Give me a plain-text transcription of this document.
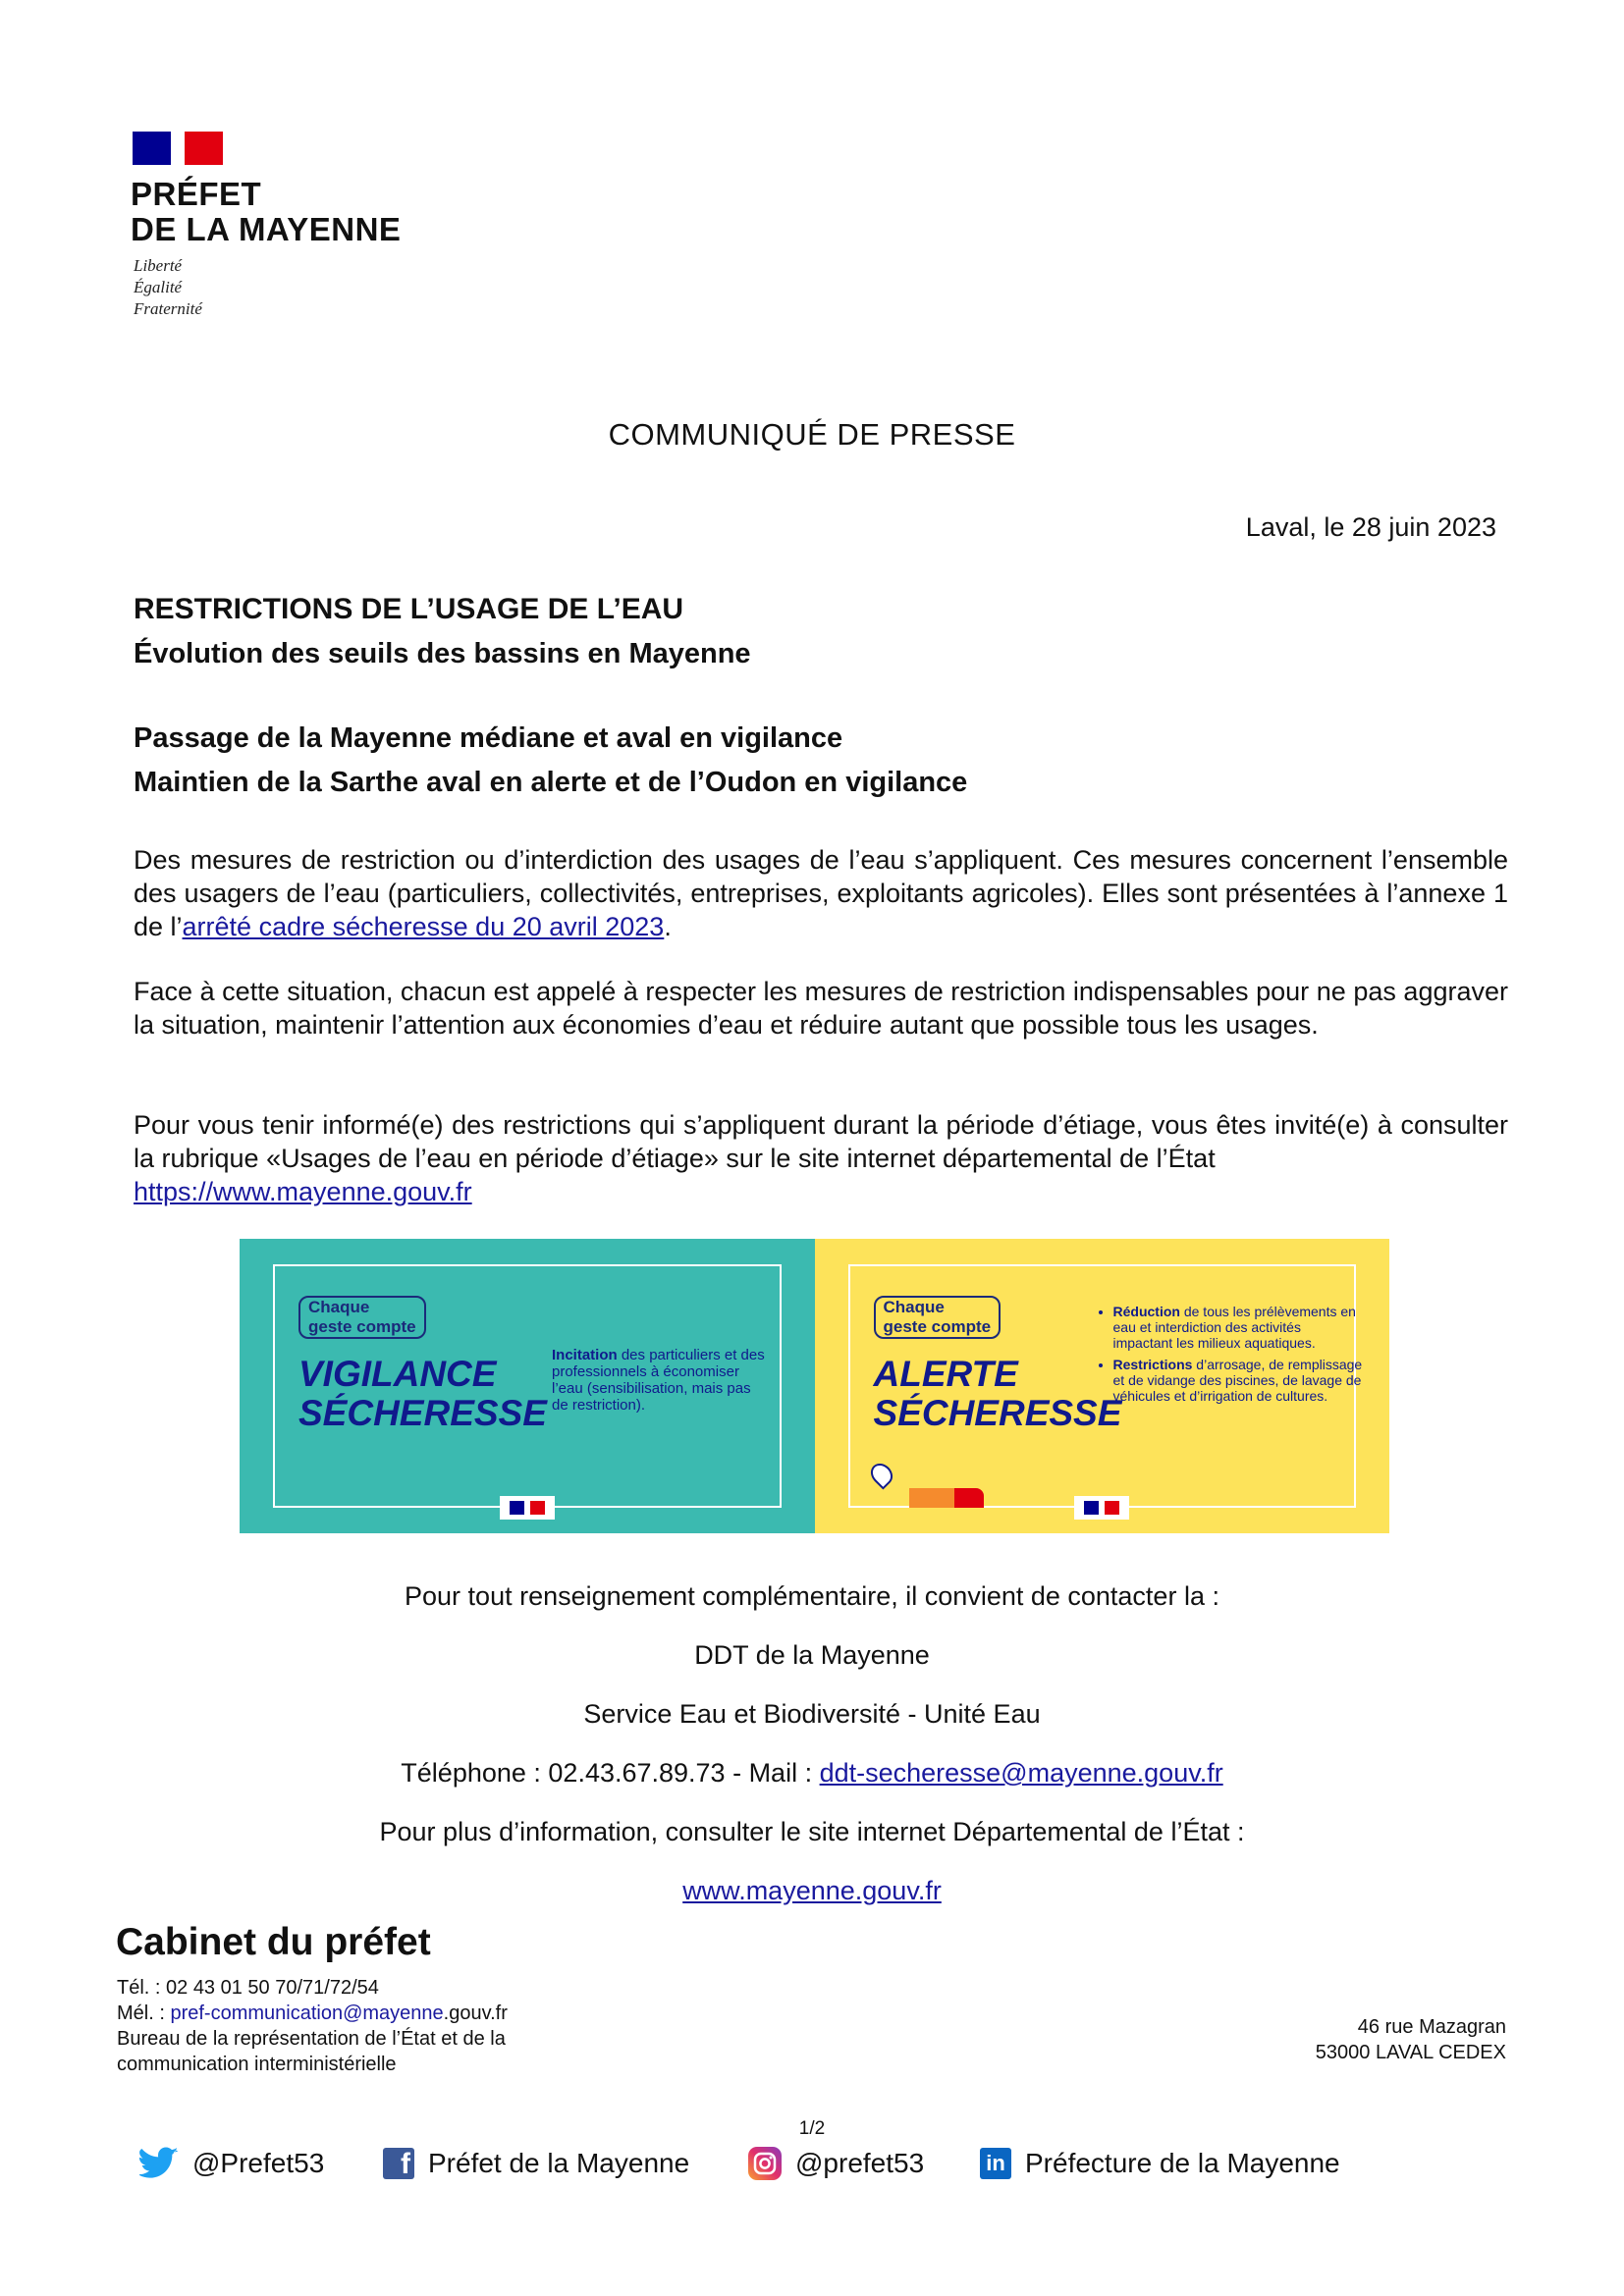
PRÉFET
DE LA MAYENNE
Liberté
Égalité
Fraternité
COMMUNIQUÉ DE PRESSE
Laval, le 28 juin 2023
RESTRICTIONS DE L’USAGE DE L’EAU
Évolution des seuils des bassins en Mayenne
Passage de la Mayenne médiane et aval en vigilance
Maintien de la Sarthe aval en alerte et de l’Oudon en vigilance
Des mesures de restriction ou d’interdiction des usages de l’eau s’appliquent. Ces mesures concernent l’ensemble des usagers de l’eau (particuliers, collectivités, entreprises, exploitants agricoles). Elles sont présentées à l’annexe 1 de l’arrêté cadre sécheresse du 20 avril 2023.
Face à cette situation, chacun est appelé à respecter les mesures de restriction indispensables pour ne pas aggraver la situation, maintenir l’attention aux économies d’eau et réduire autant que possible tous les usages.
Pour vous tenir informé(e) des restrictions qui s’appliquent durant la période d’étiage, vous êtes invité(e) à consulter la rubrique «Usages de l’eau en période d’étiage» sur le site internet départemental de l’État
https://www.mayenne.gouv.fr
Chaque
geste compte
VIGILANCE
SÉCHERESSE
Incitation des particuliers et des professionnels à économiser l’eau (sensibilisation, mais pas de restriction).
Chaque
geste compte
ALERTE
SÉCHERESSE
• Réduction de tous les prélèvements en eau et interdiction des activités impactant les milieux aquatiques.
• Restrictions d’arrosage, de remplissage et de vidange des piscines, de lavage de véhicules et d’irrigation de cultures.
Pour tout renseignement complémentaire, il convient de contacter la :
DDT de la Mayenne
Service Eau et Biodiversité - Unité Eau
Téléphone : 02.43.67.89.73 - Mail : ddt-secheresse@mayenne.gouv.fr
Pour plus d’information, consulter le site internet Départemental de l’État :
www.mayenne.gouv.fr
Cabinet du préfet
Tél. : 02 43 01 50 70/71/72/54
Mél. : pref-communication@mayenne.gouv.fr
Bureau de la représentation de l’État et de la
communication interministérielle
46 rue Mazagran
53000 LAVAL CEDEX
1/2
@Prefet53	f Préfet de la Mayenne	@prefet53	in Préfecture de la Mayenne
